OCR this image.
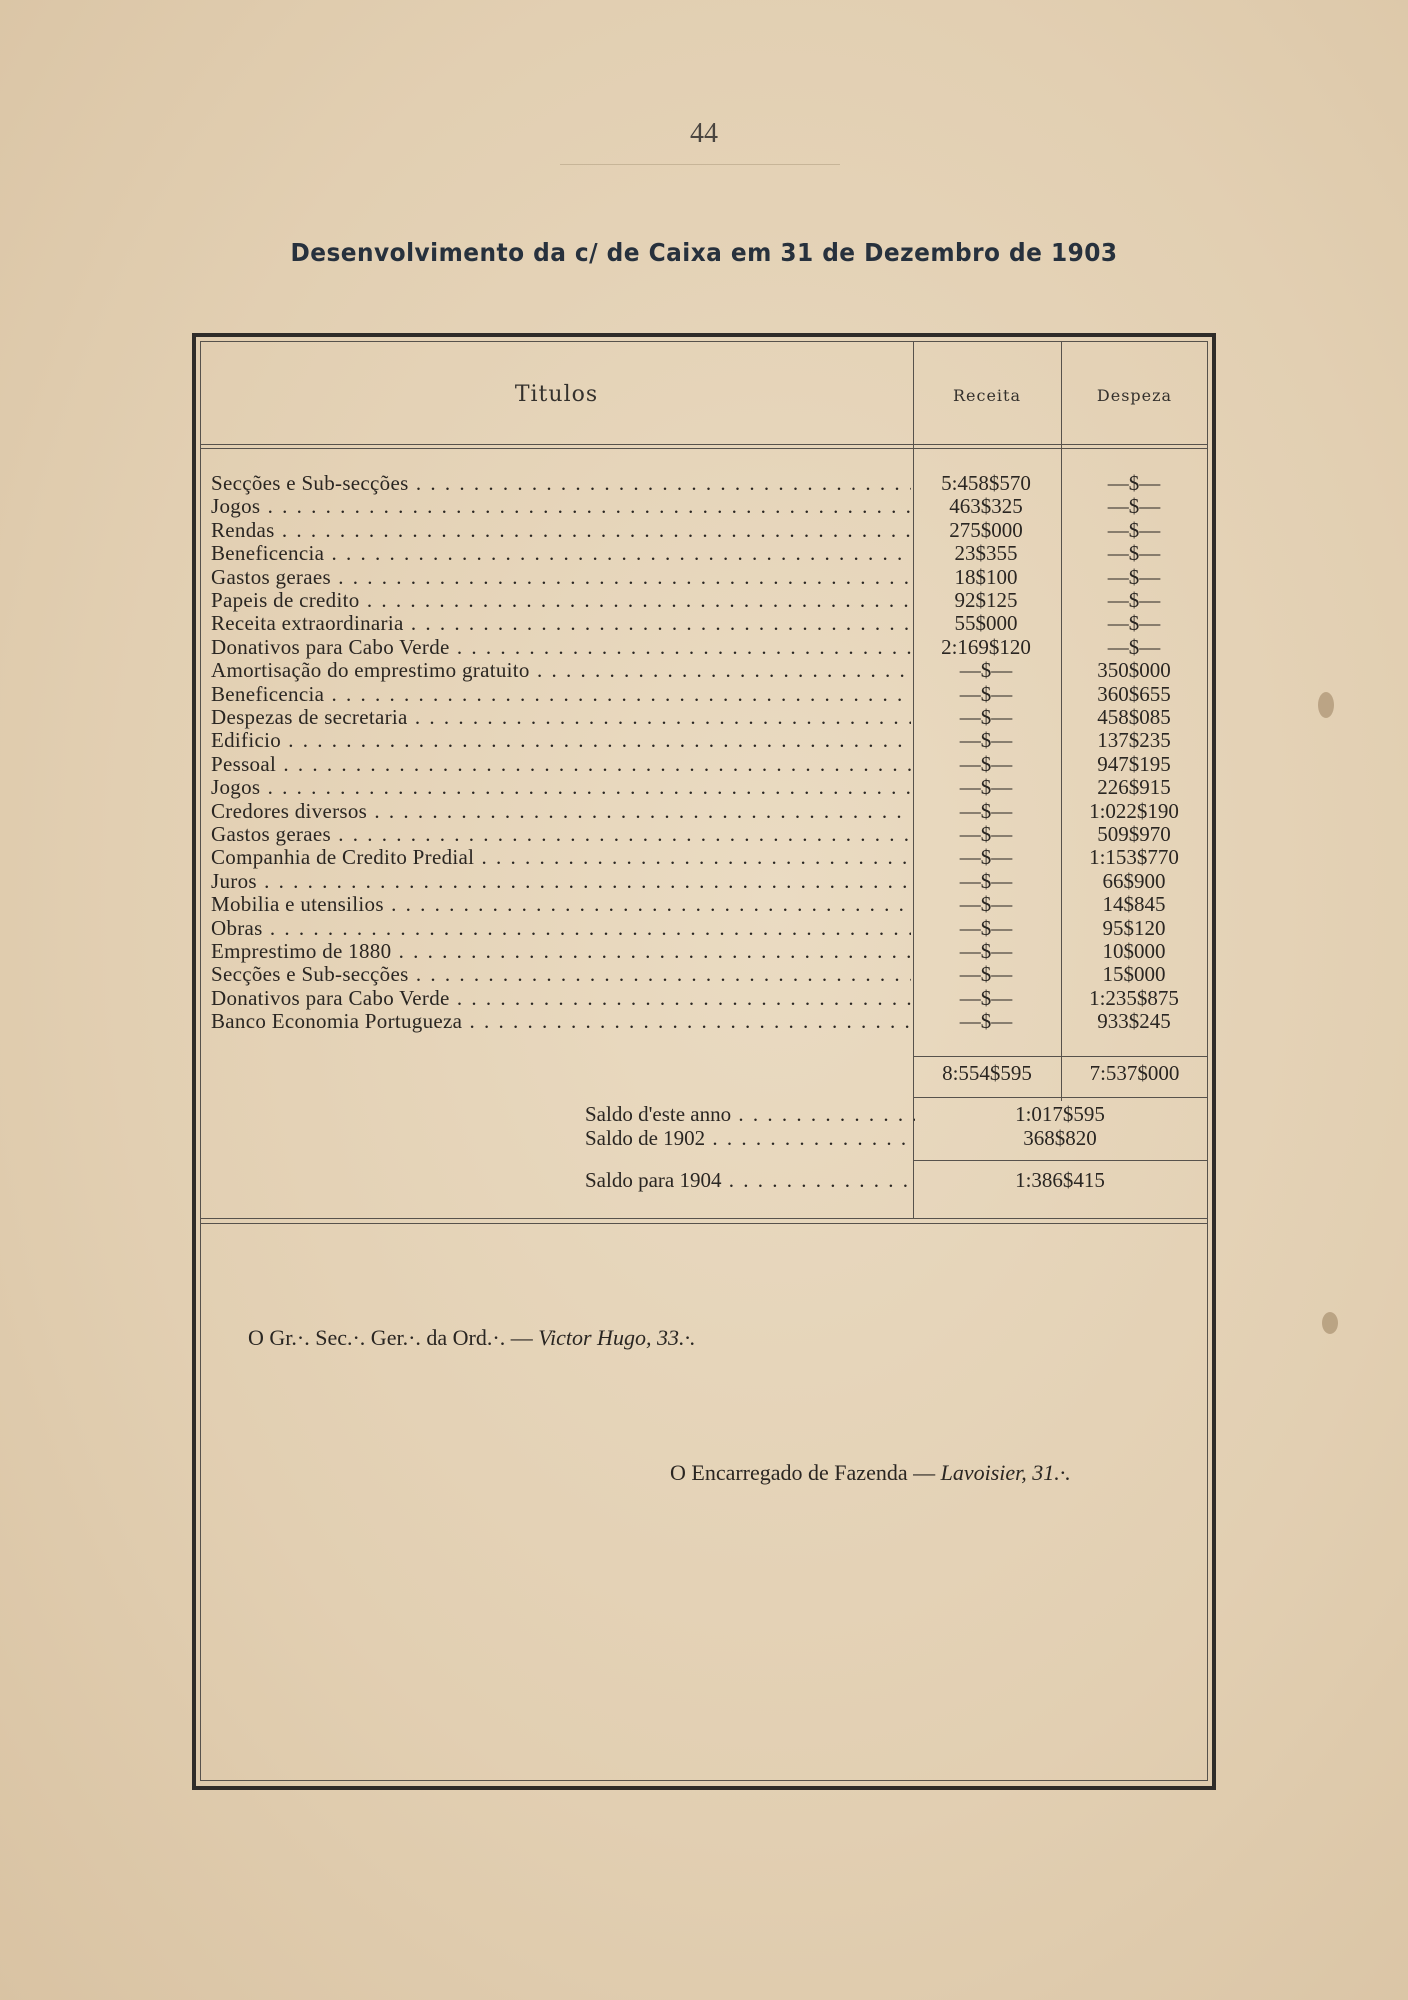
44
Desenvolvimento da c/ de Caixa em 31 de Dezembro de 1903
Titulos	Receita	Despeza
Secções e Sub-secções . . .	5:458$570	—$—
Jogos . . .	463$325	—$—
Rendas . . .	275$000	—$—
Beneficencia . . .	23$355	—$—
Gastos geraes . . .	18$100	—$—
Papeis de credito . . .	92$125	—$—
Receita extraordinaria . . .	55$000	—$—
Donativos para Cabo Verde . . .	2:169$120	—$—
Amortisação do emprestimo gratuito . . .	—$—	350$000
Beneficencia . . .	—$—	360$655
Despezas de secretaria . . .	—$—	458$085
Edificio . . .	—$—	137$235
Pessoal . . .	—$—	947$195
Jogos . . .	—$—	226$915
Credores diversos . . .	—$—	1:022$190
Gastos geraes . . .	—$—	509$970
Companhia de Credito Predial . . .	—$—	1:153$770
Juros . . .	—$—	66$900
Mobilia e utensilios . . .	—$—	14$845
Obras . . .	—$—	95$120
Emprestimo de 1880 . . .	—$—	10$000
Secções e Sub-secções . . .	—$—	15$000
Donativos para Cabo Verde . . .	—$—	1:235$875
Banco Economia Portugueza . . .	—$—	933$245
8:554$595	7:537$000
Saldo d'este anno . . .	1:017$595
Saldo de 1902 . . .	368$820
Saldo para 1904 . . .	1:386$415
O Gr.·. Sec.·. Ger.·. da Ord.·. — Victor Hugo, 33.·.
O Encarregado de Fazenda — Lavoisier, 31.·.
